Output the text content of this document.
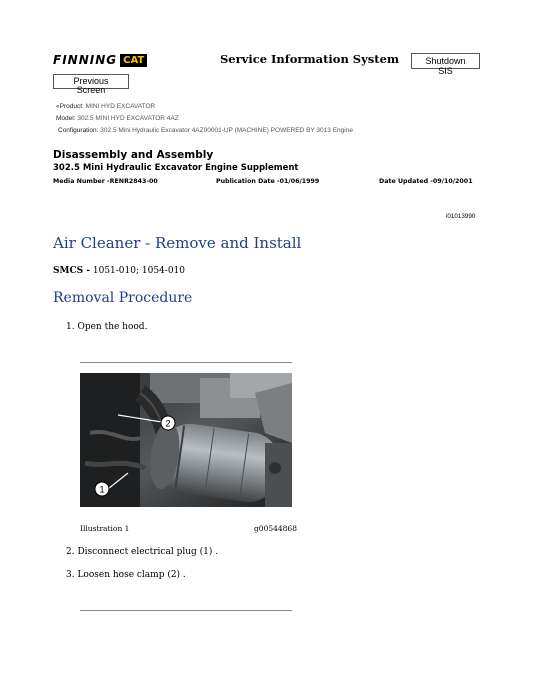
FINNING CAT	Service Information System	Shutdown SIS
Previous Screen
«Product: MINI HYD EXCAVATOR
Model: 302.5 MINI HYD EXCAVATOR 4AZ
Configuration: 302.5 Mini Hydraulic Excavator 4AZ00001-UP (MACHINE) POWERED BY 3013 Engine
Disassembly and Assembly
302.5 Mini Hydraulic Excavator Engine Supplement
Media Number -RENR2843-00	Publication Date -01/06/1999	Date Updated -09/10/2001
i01013990
Air Cleaner - Remove and Install
SMCS - 1051-010; 1054-010
Removal Procedure
1. Open the hood.
2
1
Illustration 1	g00544868
2. Disconnect electrical plug (1) .
3. Loosen hose clamp (2) .
